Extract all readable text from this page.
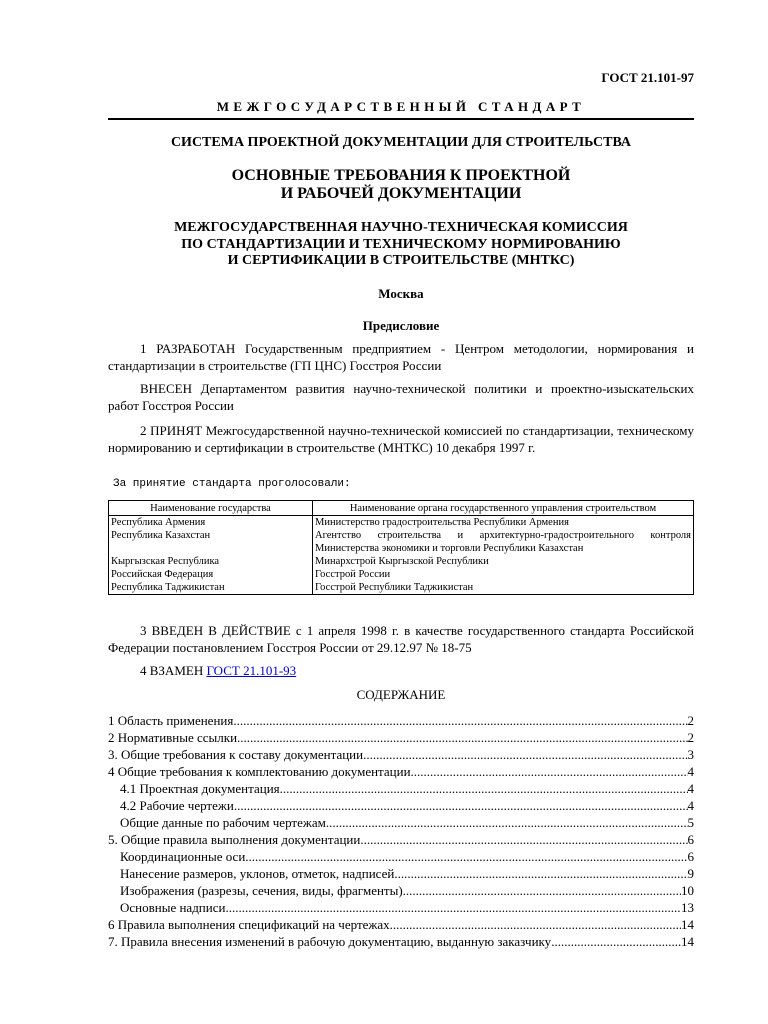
ГОСТ 21.101-97
МЕЖГОСУДАРСТВЕННЫЙ СТАНДАРТ
СИСТЕМА ПРОЕКТНОЙ ДОКУМЕНТАЦИИ ДЛЯ СТРОИТЕЛЬСТВА
ОСНОВНЫЕ ТРЕБОВАНИЯ К ПРОЕКТНОЙ
И РАБОЧЕЙ ДОКУМЕНТАЦИИ
МЕЖГОСУДАРСТВЕННАЯ НАУЧНО-ТЕХНИЧЕСКАЯ КОМИССИЯ
ПО СТАНДАРТИЗАЦИИ И ТЕХНИЧЕСКОМУ НОРМИРОВАНИЮ
И СЕРТИФИКАЦИИ В СТРОИТЕЛЬСТВЕ (МНТКС)
Москва
Предисловие
1 РАЗРАБОТАН Государственным предприятием - Центром методологии, нормирования и стандартизации в строительстве (ГП ЦНС) Госстроя России
ВНЕСЕН Департаментом развития научно-технической политики и проектно-изыскательских работ Госстроя России
2 ПРИНЯТ Межгосударственной научно-технической комиссией по стандартизации, техническому нормированию и сертификации в строительстве (МНТКС) 10 декабря 1997 г.
За принятие стандарта проголосовали:
Наименование государства	Наименование органа государственного управления строительством
Республика Армения	Министерство градостроительства Республики Армения
Республика Казахстан	Агентство строительства и архитектурно-градостроительного контроля Министерства экономики и торговли Республики Казахстан
Кыргызская Республика	Минархстрой Кыргызской Республики
Российская Федерация	Госстрой России
Республика Таджикистан	Госстрой Республики Таджикистан
3 ВВЕДЕН В ДЕЙСТВИЕ с 1 апреля 1998 г. в качестве государственного стандарта Российской Федерации постановлением Госстроя России от 29.12.97 № 18-75
4 ВЗАМЕН ГОСТ 21.101-93
СОДЕРЖАНИЕ
1 Область применения .....	2
2 Нормативные ссылки .....	2
3. Общие требования к составу документации .....	3
4 Общие требования к комплектованию документации .....	4
4.1 Проектная документация .....	4
4.2 Рабочие чертежи .....	4
Общие данные по рабочим чертежам .....	5
5. Общие правила выполнения документации .....	6
Координационные оси .....	6
Нанесение размеров, уклонов, отметок, надписей .....	9
Изображения (разрезы, сечения, виды, фрагменты) .....	10
Основные надписи .....	13
6 Правила выполнения спецификаций на чертежах .....	14
7. Правила внесения изменений в рабочую документацию, выданную заказчику .....	14
